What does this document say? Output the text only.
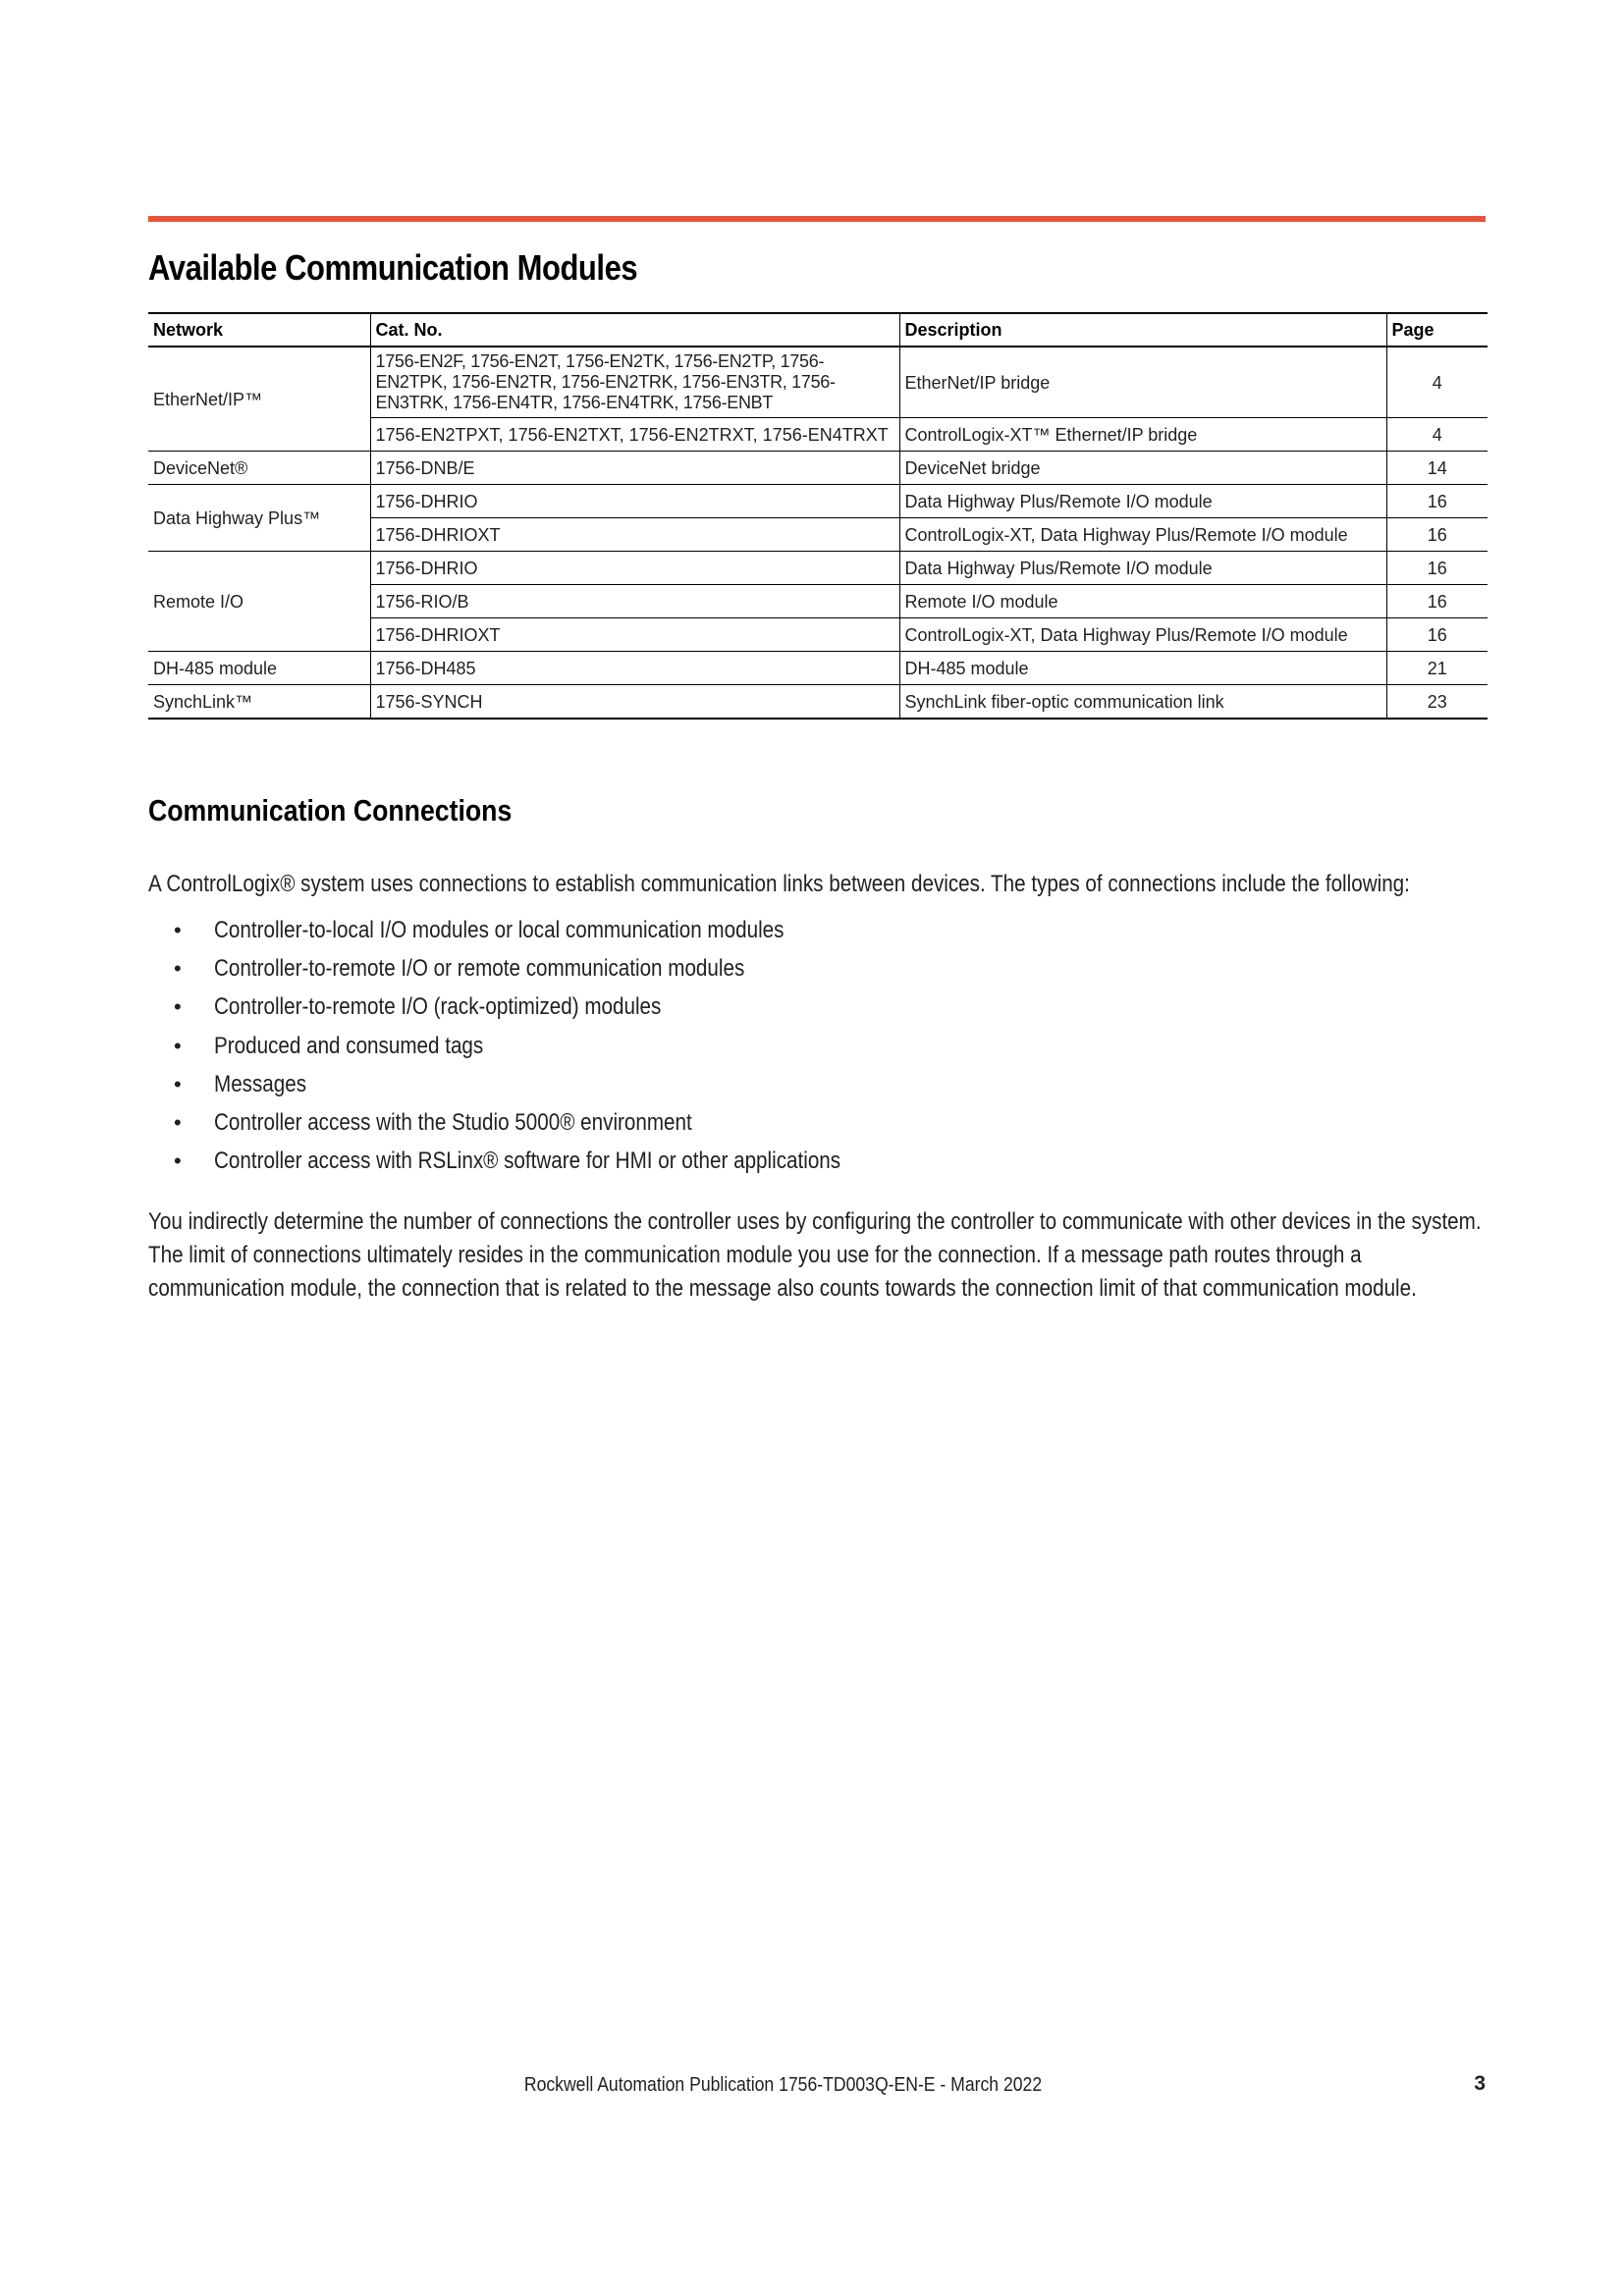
Available Communication Modules
Network	Cat. No.	Description	Page
EtherNet/IP™	1756-EN2F, 1756-EN2T, 1756-EN2TK, 1756-EN2TP, 1756-EN2TPK, 1756-EN2TR, 1756-EN2TRK, 1756-EN3TR, 1756-EN3TRK, 1756-EN4TR, 1756-EN4TRK, 1756-ENBT	EtherNet/IP bridge	4
	1756-EN2TPXT, 1756-EN2TXT, 1756-EN2TRXT, 1756-EN4TRXT	ControlLogix-XT™ Ethernet/IP bridge	4
DeviceNet®	1756-DNB/E	DeviceNet bridge	14
Data Highway Plus™	1756-DHRIO	Data Highway Plus/Remote I/O module	16
	1756-DHRIOXT	ControlLogix-XT, Data Highway Plus/Remote I/O module	16
Remote I/O	1756-DHRIO	Data Highway Plus/Remote I/O module	16
	1756-RIO/B	Remote I/O module	16
	1756-DHRIOXT	ControlLogix-XT, Data Highway Plus/Remote I/O module	16
DH-485 module	1756-DH485	DH-485 module	21
SynchLink™	1756-SYNCH	SynchLink fiber-optic communication link	23
Communication Connections

A ControlLogix® system uses connections to establish communication links between devices. The types of connections include the following:

• Controller-to-local I/O modules or local communication modules
• Controller-to-remote I/O or remote communication modules
• Controller-to-remote I/O (rack-optimized) modules
• Produced and consumed tags
• Messages
• Controller access with the Studio 5000® environment
• Controller access with RSLinx® software for HMI or other applications

You indirectly determine the number of connections the controller uses by configuring the controller to communicate with other devices in the system. The limit of connections ultimately resides in the communication module you use for the connection. If a message path routes through a communication module, the connection that is related to the message also counts towards the connection limit of that communication module.

Rockwell Automation Publication 1756-TD003Q-EN-E - March 2022	3
